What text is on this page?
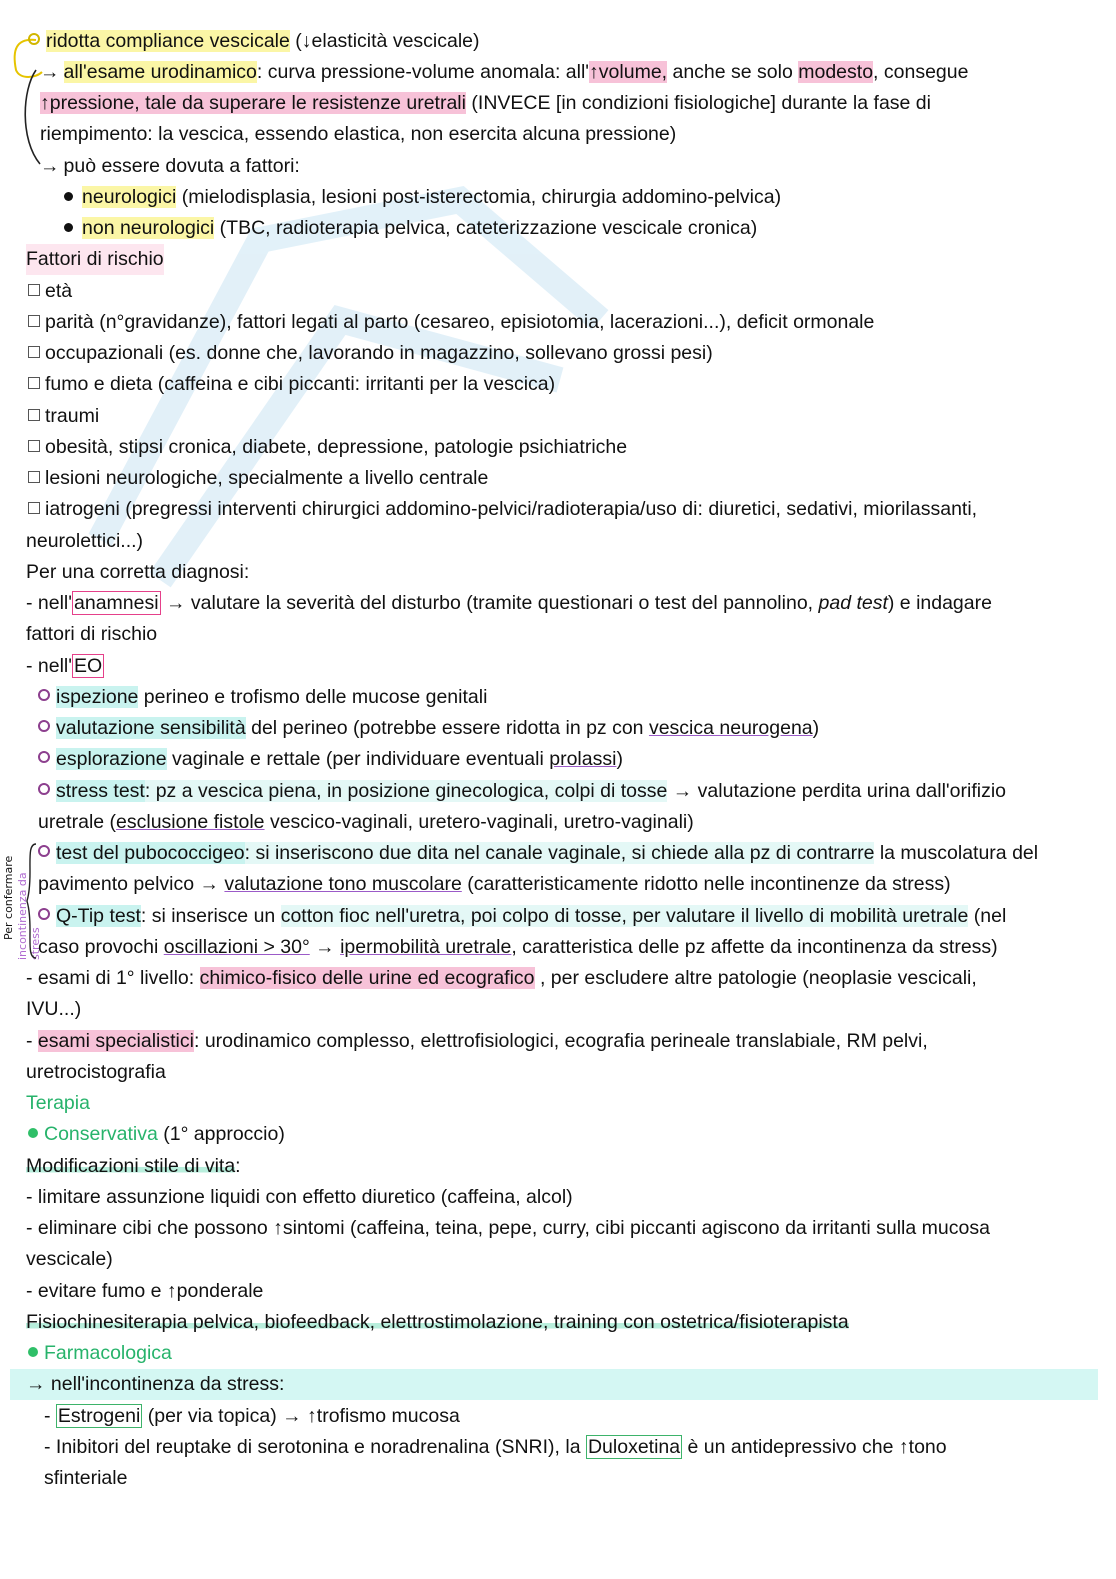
ridotta compliance vescicale (↓elasticità vescicale)
→ all'esame urodinamico: curva pressione-volume anomala: all'↑volume, anche se solo modesto, consegue
↑pressione, tale da superare le resistenze uretrali (INVECE [in condizioni fisiologiche] durante la fase di
riempimento: la vescica, essendo elastica, non esercita alcuna pressione)
→ può essere dovuta a fattori:
neurologici (mielodisplasia, lesioni post-isterectomia, chirurgia addomino-pelvica)
non neurologici (TBC, radioterapia pelvica, cateterizzazione vescicale cronica)
Fattori di rischio
età
parità (n°gravidanze), fattori legati al parto (cesareo, episiotomia, lacerazioni...), deficit ormonale
occupazionali (es. donne che, lavorando in magazzino, sollevano grossi pesi)
fumo e dieta (caffeina e cibi piccanti: irritanti per la vescica)
traumi
obesità, stipsi cronica, diabete, depressione, patologie psichiatriche
lesioni neurologiche, specialmente a livello centrale
iatrogeni (pregressi interventi chirurgici addomino-pelvici/radioterapia/uso di: diuretici, sedativi, miorilassanti,
neurolettici...)
Per una corretta diagnosi:
- nell' anamnesi → valutare la severità del disturbo (tramite questionari o test del pannolino, pad test) e indagare
fattori di rischio
- nell' EO
ispezione perineo e trofismo delle mucose genitali
valutazione sensibilità del perineo (potrebbe essere ridotta in pz con vescica neurogena)
esplorazione vaginale e rettale (per individuare eventuali prolassi)
stress test: pz a vescica piena, in posizione ginecologica, colpi di tosse → valutazione perdita urina dall'orifizio
uretrale (esclusione fistole vescico-vaginali, uretero-vaginali, uretro-vaginali)
Per confermare incontinenza da stress
test del pubococcigeo: si inseriscono due dita nel canale vaginale, si chiede alla pz di contrarre la muscolatura del
pavimento pelvico → valutazione tono muscolare (caratteristicamente ridotto nelle incontinenze da stress)
Q-Tip test: si inserisce un cotton fioc nell'uretra, poi colpo di tosse, per valutare il livello di mobilità uretrale (nel
caso provochi oscillazioni > 30° → ipermobilità uretrale, caratteristica delle pz affette da incontinenza da stress)
- esami di 1° livello: chimico-fisico delle urine ed ecografico , per escludere altre patologie (neoplasie vescicali,
IVU...)
- esami specialistici: urodinamico complesso, elettrofisiologici, ecografia perineale translabiale, RM pelvi,
uretrocistografia
Terapia
Conservativa (1° approccio)
Modificazioni stile di vita:
- limitare assunzione liquidi con effetto diuretico (caffeina, alcol)
- eliminare cibi che possono ↑sintomi (caffeina, teina, pepe, curry, cibi piccanti agiscono da irritanti sulla mucosa
vescicale)
- evitare fumo e ↑ponderale
Fisiochinesiterapia pelvica, biofeedback, elettrostimolazione, training con ostetrica/fisioterapista
Farmacologica
→ nell'incontinenza da stress:
- Estrogeni (per via topica) → ↑trofismo mucosa
- Inibitori del reuptake di serotonina e noradrenalina (SNRI), la Duloxetina è un antidepressivo che ↑tono
sfinteriale
